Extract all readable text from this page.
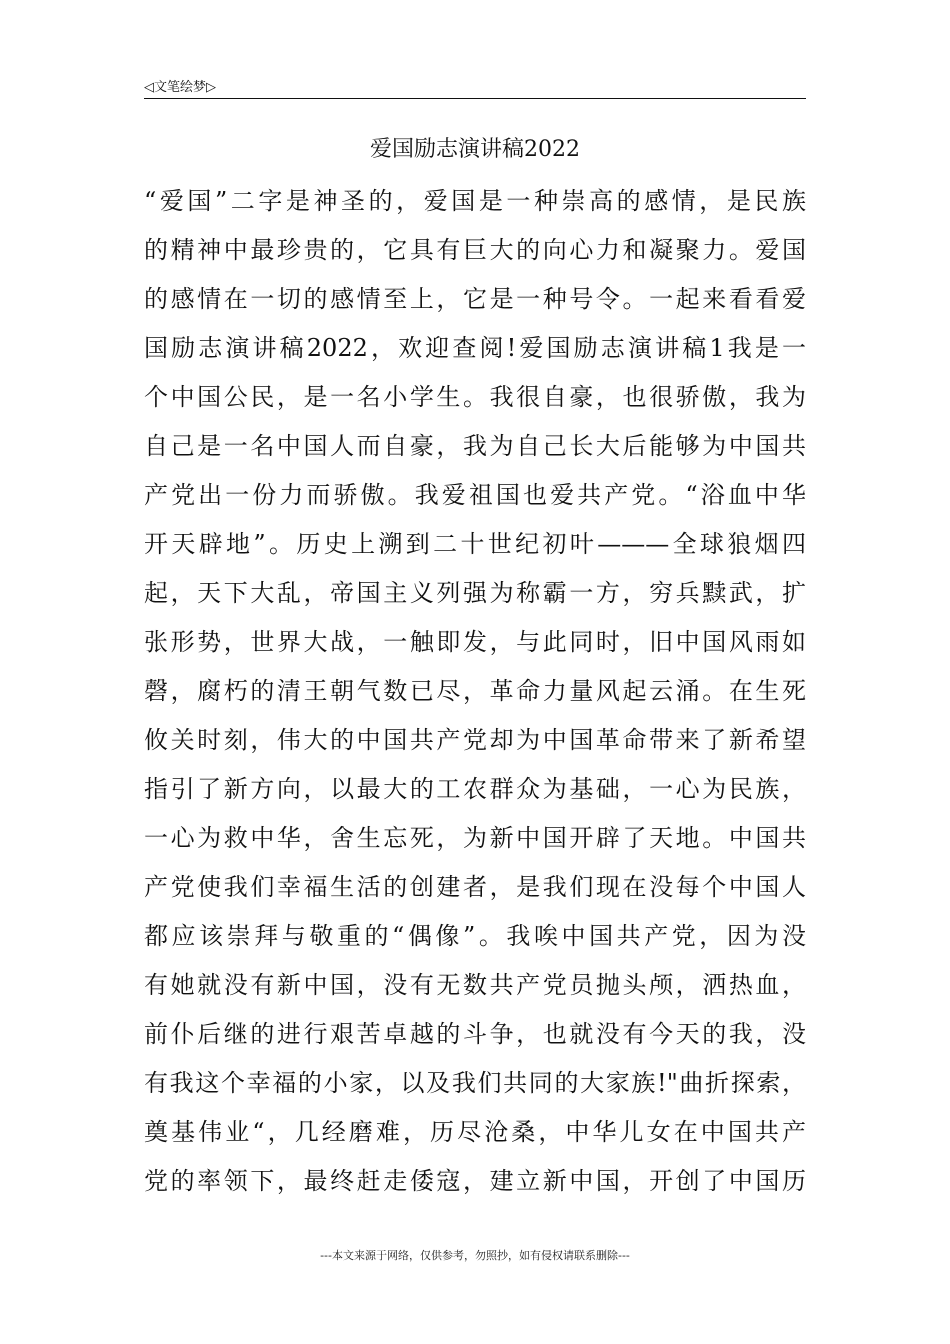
◁文笔绘梦▷
爱国励志演讲稿2022
“爱国”二字是神圣的，爱国是一种崇高的感情，是民族
的精神中最珍贵的，它具有巨大的向心力和凝聚力。爱国
的感情在一切的感情至上，它是一种号令。一起来看看爱
国励志演讲稿2022，欢迎查阅!爱国励志演讲稿1我是一
个中国公民，是一名小学生。我很自豪，也很骄傲，我为
自己是一名中国人而自豪，我为自己长大后能够为中国共
产党出一份力而骄傲。我爱祖国也爱共产党。“浴血中华
开天辟地”。历史上溯到二十世纪初叶———全球狼烟四
起，天下大乱，帝国主义列强为称霸一方，穷兵黩武，扩
张形势，世界大战，一触即发，与此同时，旧中国风雨如
磬，腐朽的清王朝气数已尽，革命力量风起云涌。在生死
攸关时刻，伟大的中国共产党却为中国革命带来了新希望
指引了新方向，以最大的工农群众为基础，一心为民族，
一心为救中华，舍生忘死，为新中国开辟了天地。中国共
产党使我们幸福生活的创建者，是我们现在没每个中国人
都应该崇拜与敬重的“偶像”。我唉中国共产党，因为没
有她就没有新中国，没有无数共产党员抛头颅，洒热血，
前仆后继的进行艰苦卓越的斗争，也就没有今天的我，没
有我这个幸福的小家，以及我们共同的大家族!"曲折探索，
奠基伟业“，几经磨难，历尽沧桑，中华儿女在中国共产
党的率领下，最终赶走倭寇，建立新中国，开创了中国历
---本文来源于网络，仅供参考，勿照抄，如有侵权请联系删除---
